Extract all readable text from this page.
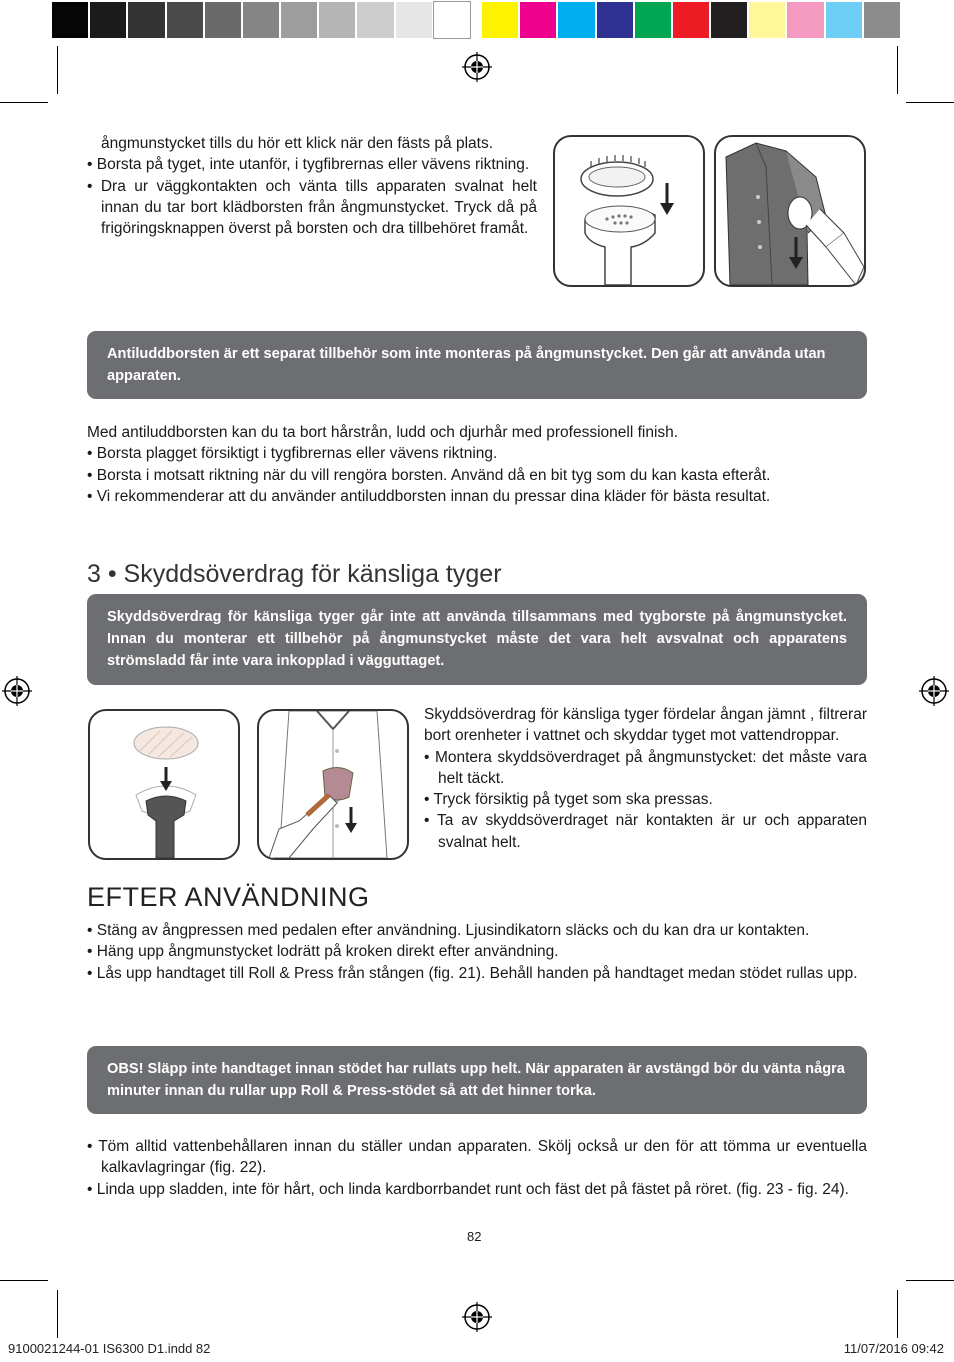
ångmunstycket tills du hör ett klick när den fästs på plats.
• Borsta på tyget, inte utanför, i tygfibrernas eller vävens riktning.
• Dra ur väggkontakten och vänta tills apparaten svalnat helt innan du tar bort klädborsten från ångmunstycket. Tryck då på frigöringsknappen överst på borsten och dra tillbehöret framåt.

Antiluddborsten är ett separat tillbehör som inte monteras på ångmunstycket. Den går att använda utan apparaten.

Med antiluddborsten kan du ta bort hårstrån, ludd och djurhår med professionell finish.
• Borsta plagget försiktigt i tygfibrernas eller vävens riktning.
• Borsta i motsatt riktning när du vill rengöra borsten. Använd då en bit tyg som du kan kasta efteråt.
• Vi rekommenderar att du använder antiluddborsten innan du pressar dina kläder för bästa resultat.
3 • Skyddsöverdrag för känsliga tyger

Skyddsöverdrag för känsliga tyger går inte att använda tillsammans med tygborste på ångmunstycket. Innan du monterar ett tillbehör på ångmunstycket måste det vara helt avsvalnat och apparatens strömsladd får inte vara inkopplad i vägguttaget.

Skyddsöverdrag för känsliga tyger fördelar ångan jämnt , filtrerar bort orenheter i vattnet och skyddar tyget mot vattendroppar.
• Montera skyddsöverdraget på ångmunstycket: det måste vara helt täckt.
• Tryck försiktig på tyget som ska pressas.
• Ta av skyddsöverdraget när kontakten är ur och apparaten svalnat helt.
EFTER ANVÄNDNING
• Stäng av ångpressen med pedalen efter användning. Ljusindikatorn släcks och du kan dra ur kontakten.
• Häng upp ångmunstycket lodrätt på kroken direkt efter användning.
• Lås upp handtaget till Roll & Press från stången (fig. 21). Behåll handen på handtaget medan stödet rullas upp.

OBS! Släpp inte handtaget innan stödet har rullats upp helt. När apparaten är avstängd bör du vänta några minuter innan du rullar upp Roll & Press-stödet så att det hinner torka.

• Töm alltid vattenbehållaren innan du ställer undan apparaten. Skölj också ur den för att tömma ur eventuella kalkavlagringar (fig. 22).
• Linda upp sladden, inte för hårt, och linda kardborrbandet runt och fäst det på fästet på röret. (fig. 23 - fig. 24).
82
9100021244-01 IS6300 D1.indd 82	11/07/2016 09:42
